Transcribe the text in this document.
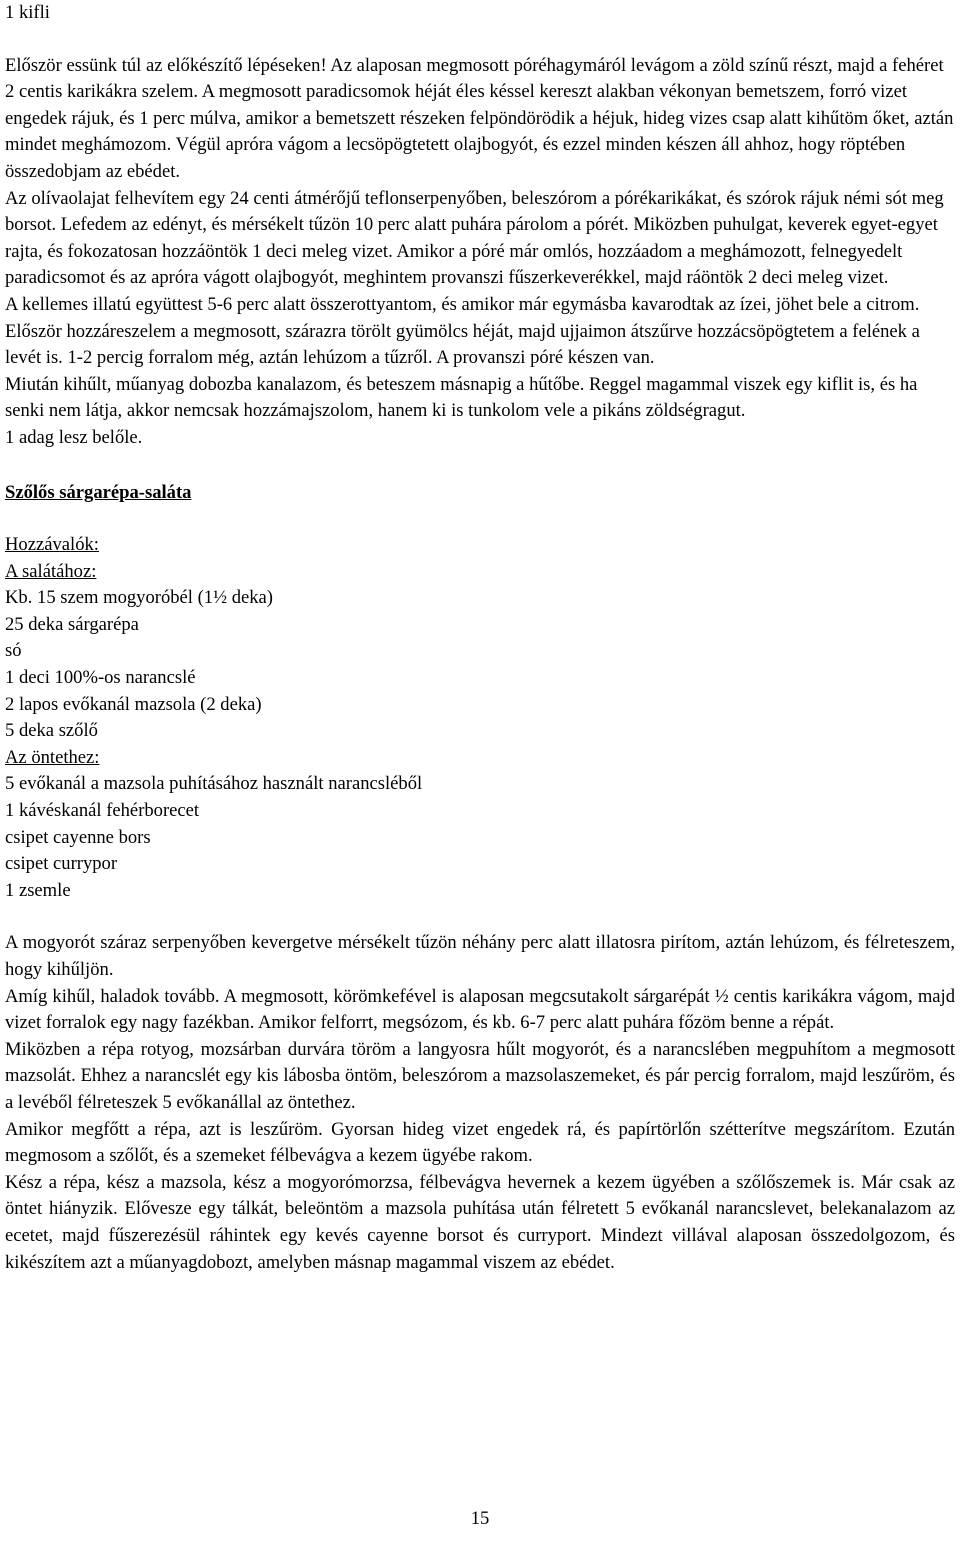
1 kifli

Először essünk túl az előkészítő lépéseken! Az alaposan megmosott póréhagymáról levágom a zöld színű részt, majd a fehéret 2 centis karikákra szelem. A megmosott paradicsomok héját éles késsel kereszt alakban vékonyan bemetszem, forró vizet engedek rájuk, és 1 perc múlva, amikor a bemetszett részeken felpöndörödik a héjuk, hideg vizes csap alatt kihűtöm őket, aztán mindet meghámozom. Végül apróra vágom a lecsöpögtetett olajbogyót, és ezzel minden készen áll ahhoz, hogy röptében összedobjam az ebédet.

Az olívaolajat felhevítem egy 24 centi átmérőjű teflonserpenyőben, beleszórom a pórékarikákat, és szórok rájuk némi sót meg borsot. Lefedem az edényt, és mérsékelt tűzön 10 perc alatt puhára párolom a pórét. Miközben puhulgat, keverek egyet-egyet rajta, és fokozatosan hozzáöntök 1 deci meleg vizet. Amikor a póré már omlós, hozzáadom a meghámozott, felnegyedelt paradicsomot és az apróra vágott olajbogyót, meghintem provanszi fűszerkeverékkel, majd ráöntök 2 deci meleg vizet.

A kellemes illatú együttest 5-6 perc alatt összerottyantom, és amikor már egymásba kavarodtak az ízei, jöhet bele a citrom. Először hozzáreszelem a megmosott, szárazra törölt gyümölcs héját, majd ujjaimon átszűrve hozzácsöpögtetem a felének a levét is. 1-2 percig forralom még, aztán lehúzom a tűzről. A provanszi póré készen van.

Miután kihűlt, műanyag dobozba kanalazom, és beteszem másnapig a hűtőbe. Reggel magammal viszek egy kiflit is, és ha senki nem látja, akkor nemcsak hozzámajszolom, hanem ki is tunkolom vele a pikáns zöldségragut.

1 adag lesz belőle.

Szőlős sárgarépa-saláta

Hozzávalók:

A salátához:

Kb. 15 szem mogyoróbél (1½ deka)

25 deka sárgarépa

só

1 deci 100%-os narancslé

2 lapos evőkanál mazsola (2 deka)

5 deka szőlő

Az öntethez:

5 evőkanál a mazsola puhításához használt narancsléből

1 kávéskanál fehérborecet

csipet cayenne bors

csipet currypor

1 zsemle

A mogyorót száraz serpenyőben kevergetve mérsékelt tűzön néhány perc alatt illatosra pirítom, aztán lehúzom, és félreteszem, hogy kihűljön.

Amíg kihűl, haladok tovább. A megmosott, körömkefével is alaposan megcsutakolt sárgarépát ½ centis karikákra vágom, majd vizet forralok egy nagy fazékban. Amikor felforrt, megsózom, és kb. 6-7 perc alatt puhára főzöm benne a répát.

Miközben a répa rotyog, mozsárban durvára töröm a langyosra hűlt mogyorót, és a narancslében megpuhítom a megmosott mazsolát. Ehhez a narancslét egy kis lábosba öntöm, beleszórom a mazsolaszemeket, és pár percig forralom, majd leszűröm, és a levéből félreteszek 5 evőkanállal az öntethez.

Amikor megfőtt a répa, azt is leszűröm. Gyorsan hideg vizet engedek rá, és papírtörlőn szétterítve megszárítom. Ezután megmosom a szőlőt, és a szemeket félbevágva a kezem ügyébe rakom.

Kész a répa, kész a mazsola, kész a mogyorómorzsa, félbevágva hevernek a kezem ügyében a szőlőszemek is. Már csak az öntet hiányzik. Elővesze egy tálkát, beleöntöm a mazsola puhítása után félretett 5 evőkanál narancslevet, belekanalazom az ecetet, majd fűszerezésül ráhintek egy kevés cayenne borsot és curryport. Mindezt villával alaposan összedolgozom, és kikészítem azt a műanyagdobozt, amelyben másnap magammal viszem az ebédet.

15
